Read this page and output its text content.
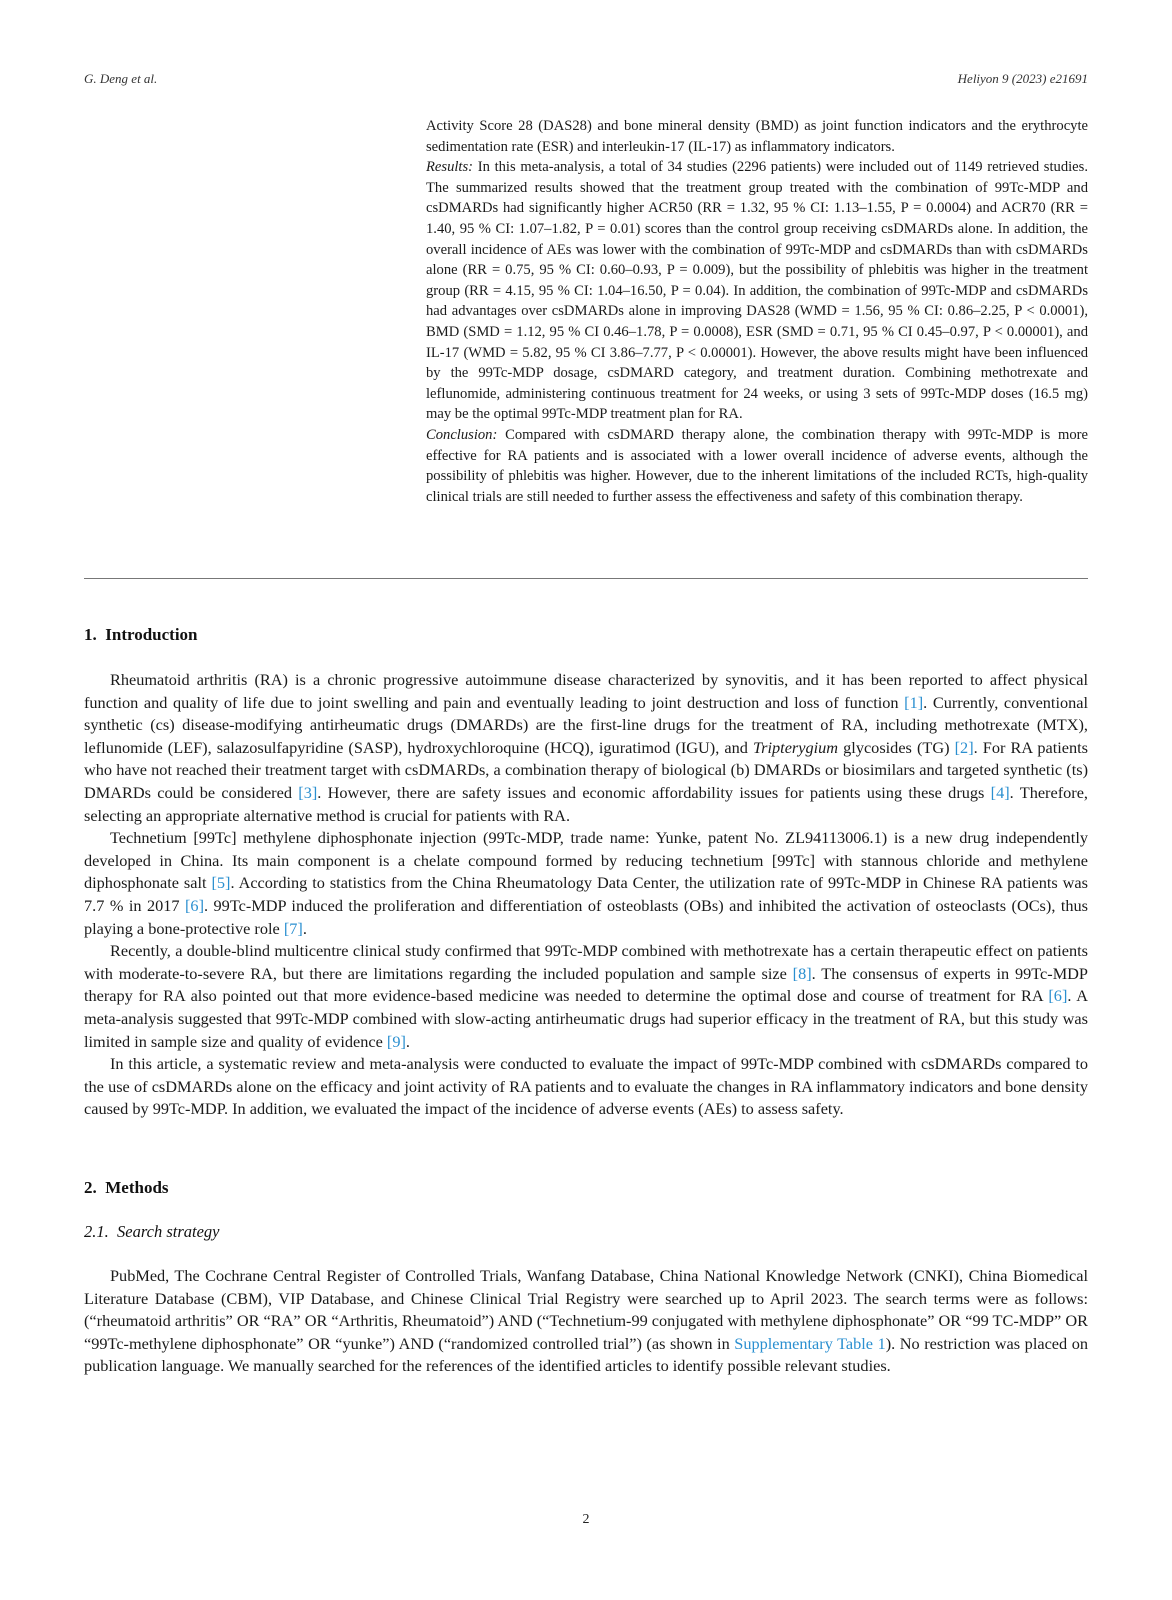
G. Deng et al.	Heliyon 9 (2023) e21691

Activity Score 28 (DAS28) and bone mineral density (BMD) as joint function indicators and the erythrocyte sedimentation rate (ESR) and interleukin-17 (IL-17) as inflammatory indicators.

Results: In this meta-analysis, a total of 34 studies (2296 patients) were included out of 1149 retrieved studies. The summarized results showed that the treatment group treated with the combination of 99Tc-MDP and csDMARDs had significantly higher ACR50 (RR = 1.32, 95 % CI: 1.13–1.55, P = 0.0004) and ACR70 (RR = 1.40, 95 % CI: 1.07–1.82, P = 0.01) scores than the control group receiving csDMARDs alone. In addition, the overall incidence of AEs was lower with the combination of 99Tc-MDP and csDMARDs than with csDMARDs alone (RR = 0.75, 95 % CI: 0.60–0.93, P = 0.009), but the possibility of phlebitis was higher in the treatment group (RR = 4.15, 95 % CI: 1.04–16.50, P = 0.04). In addition, the combination of 99Tc-MDP and csDMARDs had advantages over csDMARDs alone in improving DAS28 (WMD = 1.56, 95 % CI: 0.86–2.25, P < 0.0001), BMD (SMD = 1.12, 95 % CI 0.46–1.78, P = 0.0008), ESR (SMD = 0.71, 95 % CI 0.45–0.97, P < 0.00001), and IL-17 (WMD = 5.82, 95 % CI 3.86–7.77, P < 0.00001). However, the above results might have been influenced by the 99Tc-MDP dosage, csDMARD category, and treatment duration. Combining methotrexate and leflunomide, administering continuous treatment for 24 weeks, or using 3 sets of 99Tc-MDP doses (16.5 mg) may be the optimal 99Tc-MDP treatment plan for RA.

Conclusion: Compared with csDMARD therapy alone, the combination therapy with 99Tc-MDP is more effective for RA patients and is associated with a lower overall incidence of adverse events, although the possibility of phlebitis was higher. However, due to the inherent limitations of the included RCTs, high-quality clinical trials are still needed to further assess the effectiveness and safety of this combination therapy.

1. Introduction

Rheumatoid arthritis (RA) is a chronic progressive autoimmune disease characterized by synovitis, and it has been reported to affect physical function and quality of life due to joint swelling and pain and eventually leading to joint destruction and loss of function [1]. Currently, conventional synthetic (cs) disease-modifying antirheumatic drugs (DMARDs) are the first-line drugs for the treatment of RA, including methotrexate (MTX), leflunomide (LEF), salazosulfapyridine (SASP), hydroxychloroquine (HCQ), iguratimod (IGU), and Tripterygium glycosides (TG) [2]. For RA patients who have not reached their treatment target with csDMARDs, a combination therapy of biological (b) DMARDs or biosimilars and targeted synthetic (ts) DMARDs could be considered [3]. However, there are safety issues and economic affordability issues for patients using these drugs [4]. Therefore, selecting an appropriate alternative method is crucial for patients with RA.

Technetium [99Tc] methylene diphosphonate injection (99Tc-MDP, trade name: Yunke, patent No. ZL94113006.1) is a new drug independently developed in China. Its main component is a chelate compound formed by reducing technetium [99Tc] with stannous chloride and methylene diphosphonate salt [5]. According to statistics from the China Rheumatology Data Center, the utilization rate of 99Tc-MDP in Chinese RA patients was 7.7 % in 2017 [6]. 99Tc-MDP induced the proliferation and differentiation of osteoblasts (OBs) and inhibited the activation of osteoclasts (OCs), thus playing a bone-protective role [7].

Recently, a double-blind multicentre clinical study confirmed that 99Tc-MDP combined with methotrexate has a certain therapeutic effect on patients with moderate-to-severe RA, but there are limitations regarding the included population and sample size [8]. The consensus of experts in 99Tc-MDP therapy for RA also pointed out that more evidence-based medicine was needed to determine the optimal dose and course of treatment for RA [6]. A meta-analysis suggested that 99Tc-MDP combined with slow-acting antirheumatic drugs had superior efficacy in the treatment of RA, but this study was limited in sample size and quality of evidence [9].

In this article, a systematic review and meta-analysis were conducted to evaluate the impact of 99Tc-MDP combined with csDMARDs compared to the use of csDMARDs alone on the efficacy and joint activity of RA patients and to evaluate the changes in RA inflammatory indicators and bone density caused by 99Tc-MDP. In addition, we evaluated the impact of the incidence of adverse events (AEs) to assess safety.

2. Methods
2.1. Search strategy

PubMed, The Cochrane Central Register of Controlled Trials, Wanfang Database, China National Knowledge Network (CNKI), China Biomedical Literature Database (CBM), VIP Database, and Chinese Clinical Trial Registry were searched up to April 2023. The search terms were as follows: (“rheumatoid arthritis” OR “RA” OR “Arthritis, Rheumatoid”) AND (“Technetium-99 conjugated with methylene diphosphonate” OR “99 TC-MDP” OR “99Tc-methylene diphosphonate” OR “yunke”) AND (“randomized controlled trial”) (as shown in Supplementary Table 1). No restriction was placed on publication language. We manually searched for the references of the identified articles to identify possible relevant studies.

2
